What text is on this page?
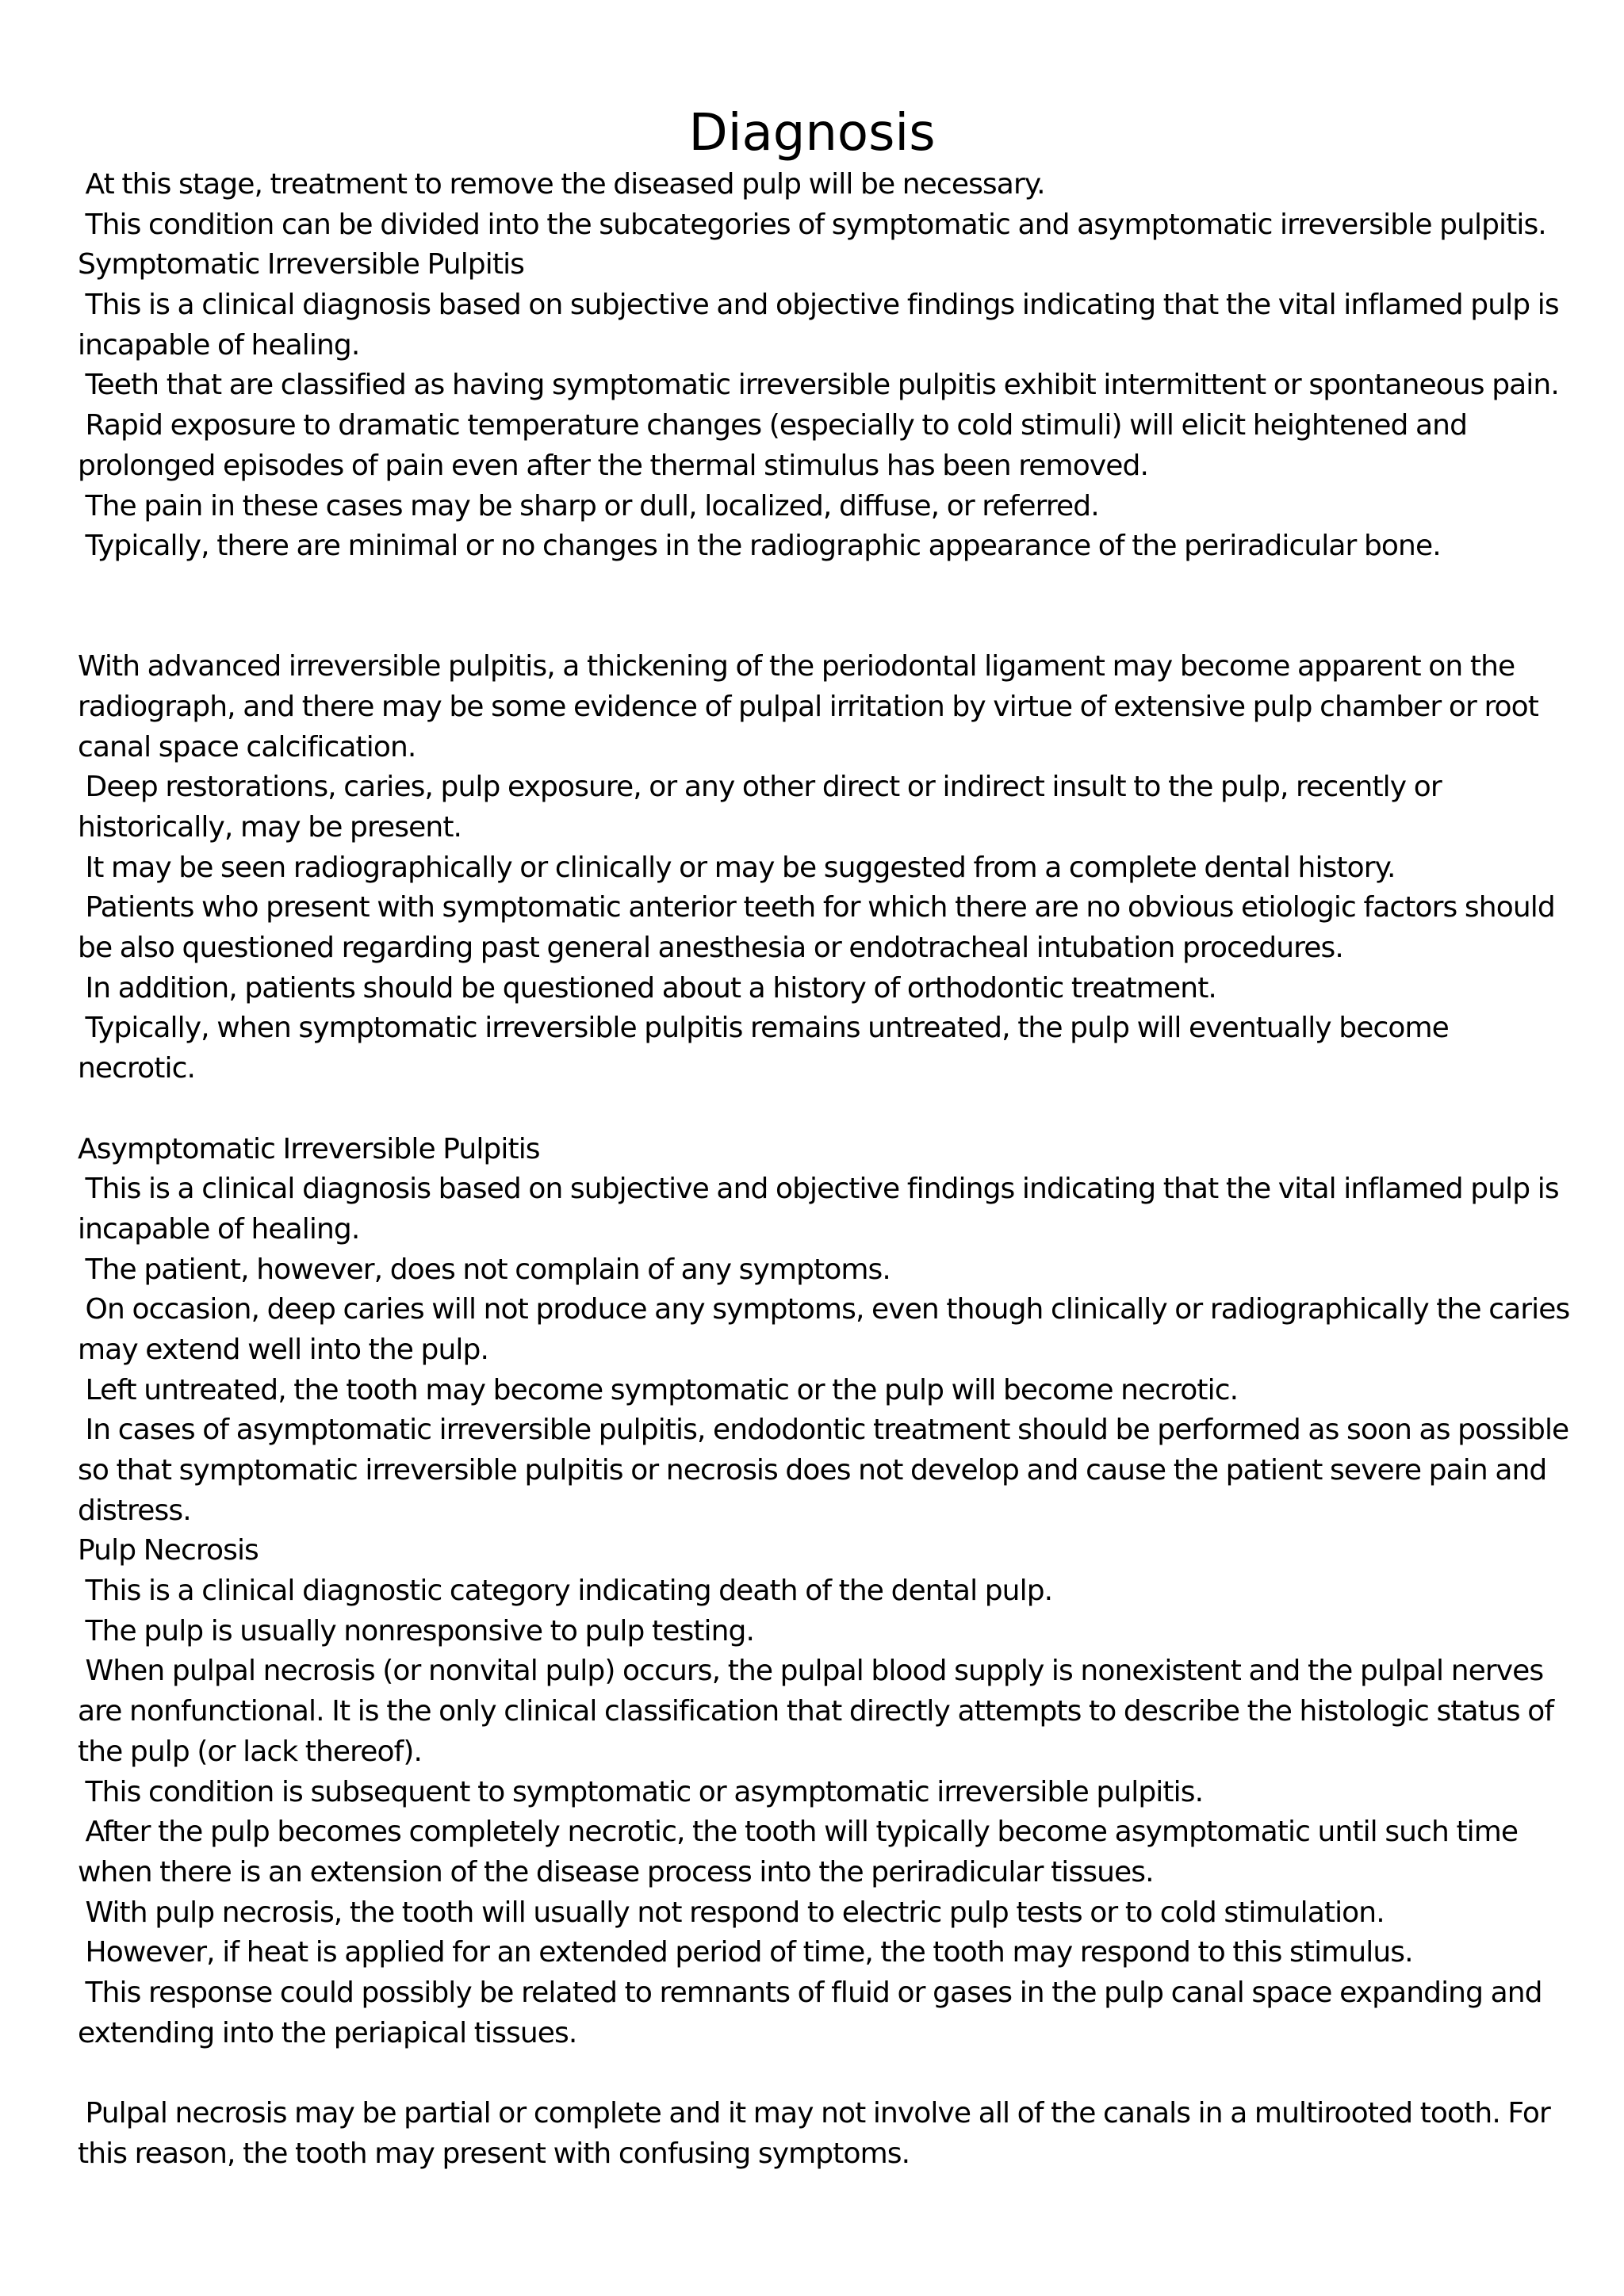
Diagnosis
At this stage, treatment to remove the diseased pulp will be necessary.
This condition can be divided into the subcategories of symptomatic and asymptomatic irreversible pulpitis.
Symptomatic Irreversible Pulpitis
This is a clinical diagnosis based on subjective and objective findings indicating that the vital inflamed pulp is
incapable of healing.
Teeth that are classified as having symptomatic irreversible pulpitis exhibit intermittent or spontaneous pain.
Rapid exposure to dramatic temperature changes (especially to cold stimuli) will elicit heightened and
prolonged episodes of pain even after the thermal stimulus has been removed.
The pain in these cases may be sharp or dull, localized, diffuse, or referred.
Typically, there are minimal or no changes in the radiographic appearance of the periradicular bone.
With advanced irreversible pulpitis, a thickening of the periodontal ligament may become apparent on the
radiograph, and there may be some evidence of pulpal irritation by virtue of extensive pulp chamber or root
canal space calcification.
Deep restorations, caries, pulp exposure, or any other direct or indirect insult to the pulp, recently or
historically, may be present.
It may be seen radiographically or clinically or may be suggested from a complete dental history.
Patients who present with symptomatic anterior teeth for which there are no obvious etiologic factors should
be also questioned regarding past general anesthesia or endotracheal intubation procedures.
In addition, patients should be questioned about a history of orthodontic treatment.
Typically, when symptomatic irreversible pulpitis remains untreated, the pulp will eventually become
necrotic.
Asymptomatic Irreversible Pulpitis
This is a clinical diagnosis based on subjective and objective findings indicating that the vital inflamed pulp is
incapable of healing.
The patient, however, does not complain of any symptoms.
On occasion, deep caries will not produce any symptoms, even though clinically or radiographically the caries
may extend well into the pulp.
Left untreated, the tooth may become symptomatic or the pulp will become necrotic.
In cases of asymptomatic irreversible pulpitis, endodontic treatment should be performed as soon as possible
so that symptomatic irreversible pulpitis or necrosis does not develop and cause the patient severe pain and
distress.
Pulp Necrosis
This is a clinical diagnostic category indicating death of the dental pulp.
The pulp is usually nonresponsive to pulp testing.
When pulpal necrosis (or nonvital pulp) occurs, the pulpal blood supply is nonexistent and the pulpal nerves
are nonfunctional. It is the only clinical classification that directly attempts to describe the histologic status of
the pulp (or lack thereof).
This condition is subsequent to symptomatic or asymptomatic irreversible pulpitis.
After the pulp becomes completely necrotic, the tooth will typically become asymptomatic until such time
when there is an extension of the disease process into the periradicular tissues.
With pulp necrosis, the tooth will usually not respond to electric pulp tests or to cold stimulation.
However, if heat is applied for an extended period of time, the tooth may respond to this stimulus.
This response could possibly be related to remnants of fluid or gases in the pulp canal space expanding and
extending into the periapical tissues.
Pulpal necrosis may be partial or complete and it may not involve all of the canals in a multirooted tooth. For
this reason, the tooth may present with confusing symptoms.
